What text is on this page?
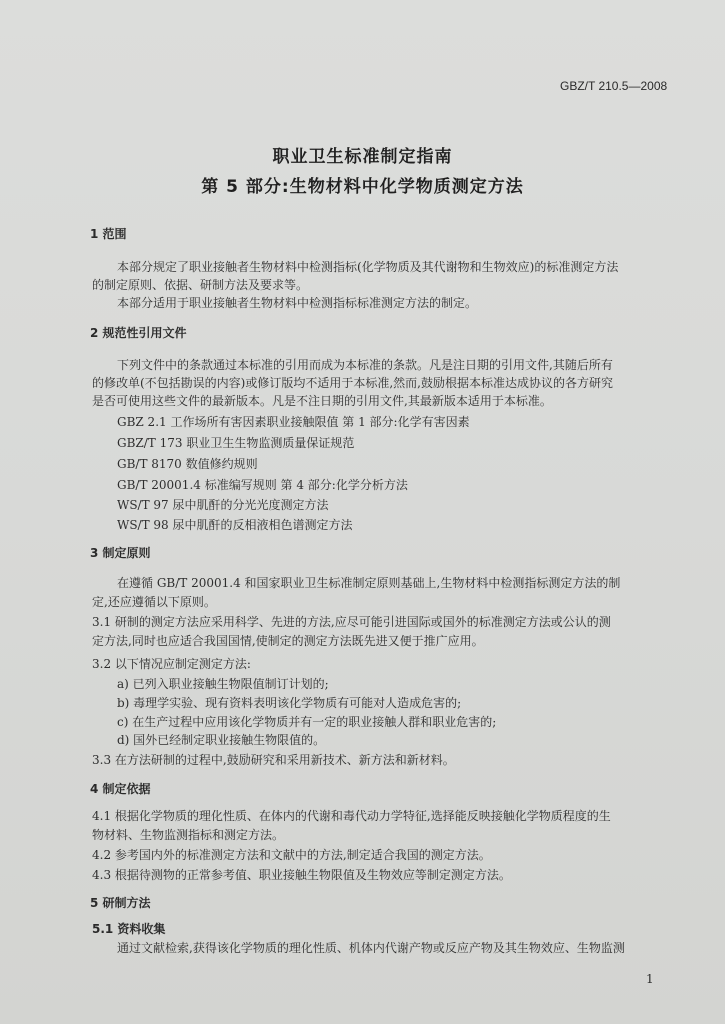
GBZ/T 210.5—2008
职业卫生标准制定指南
第 5 部分:生物材料中化学物质测定方法
1 范围
本部分规定了职业接触者生物材料中检测指标(化学物质及其代谢物和生物效应)的标准测定方法
的制定原则、依据、研制方法及要求等。
本部分适用于职业接触者生物材料中检测指标标准测定方法的制定。
2 规范性引用文件
下列文件中的条款通过本标准的引用而成为本标准的条款。凡是注日期的引用文件,其随后所有
的修改单(不包括勘误的内容)或修订版均不适用于本标准,然而,鼓励根据本标准达成协议的各方研究
是否可使用这些文件的最新版本。凡是不注日期的引用文件,其最新版本适用于本标准。
GBZ 2.1 工作场所有害因素职业接触限值 第 1 部分:化学有害因素
GBZ/T 173 职业卫生生物监测质量保证规范
GB/T 8170 数值修约规则
GB/T 20001.4 标准编写规则 第 4 部分:化学分析方法
WS/T 97 尿中肌酐的分光光度测定方法
WS/T 98 尿中肌酐的反相液相色谱测定方法
3 制定原则
在遵循 GB/T 20001.4 和国家职业卫生标准制定原则基础上,生物材料中检测指标测定方法的制
定,还应遵循以下原则。
3.1 研制的测定方法应采用科学、先进的方法,应尽可能引进国际或国外的标准测定方法或公认的测
定方法,同时也应适合我国国情,使制定的测定方法既先进又便于推广应用。
3.2 以下情况应制定测定方法:
a) 已列入职业接触生物限值制订计划的;
b) 毒理学实验、现有资料表明该化学物质有可能对人造成危害的;
c) 在生产过程中应用该化学物质并有一定的职业接触人群和职业危害的;
d) 国外已经制定职业接触生物限值的。
3.3 在方法研制的过程中,鼓励研究和采用新技术、新方法和新材料。
4 制定依据
4.1 根据化学物质的理化性质、在体内的代谢和毒代动力学特征,选择能反映接触化学物质程度的生
物材料、生物监测指标和测定方法。
4.2 参考国内外的标准测定方法和文献中的方法,制定适合我国的测定方法。
4.3 根据待测物的正常参考值、职业接触生物限值及生物效应等制定测定方法。
5 研制方法
5.1 资料收集
通过文献检索,获得该化学物质的理化性质、机体内代谢产物或反应产物及其生物效应、生物监测
1
